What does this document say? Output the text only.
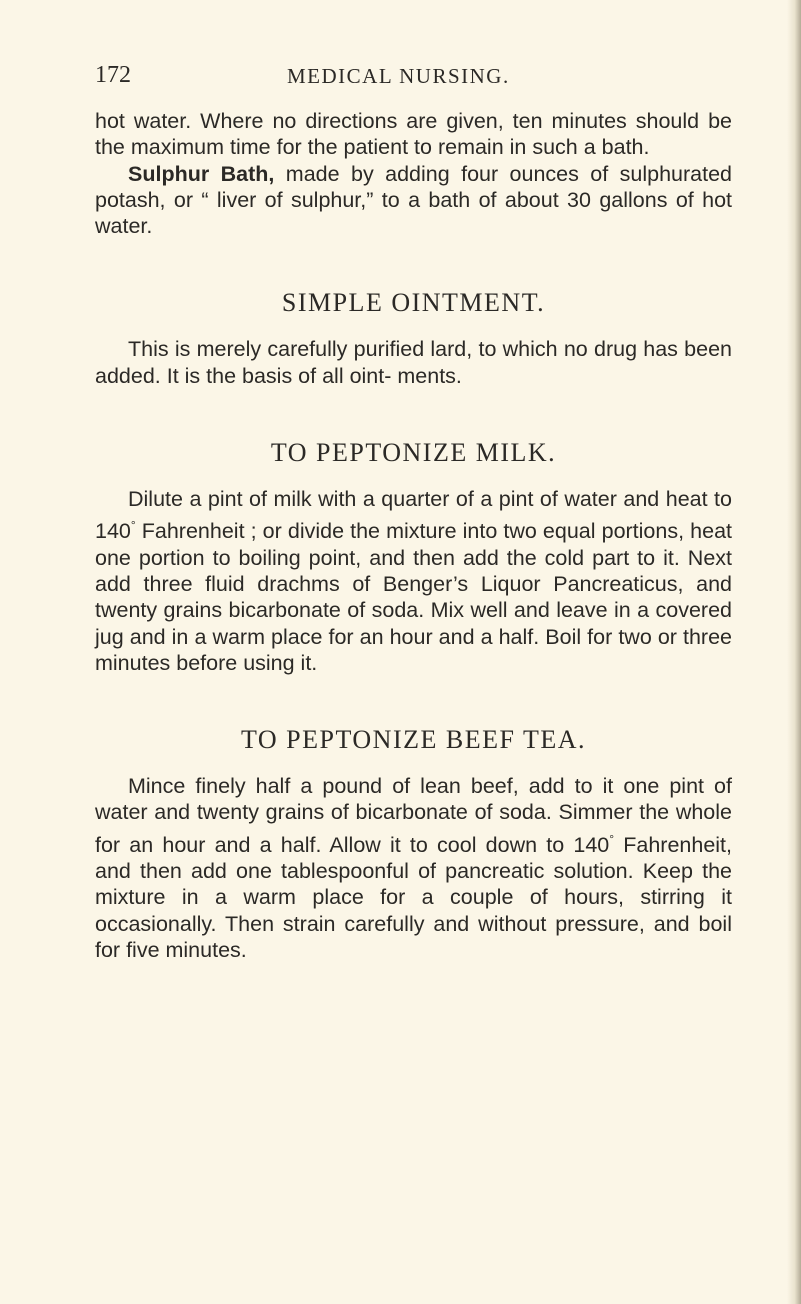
172	MEDICAL NURSING.

hot water. Where no directions are given, ten minutes should be the maximum time for the patient to remain in such a bath.

Sulphur Bath, made by adding four ounces of sulphurated potash, or “ liver of sulphur,” to a bath of about 30 gallons of hot water.

SIMPLE OINTMENT.

This is merely carefully purified lard, to which no drug has been added. It is the basis of all oint- ments.

TO PEPTONIZE MILK.

Dilute a pint of milk with a quarter of a pint of water and heat to 140° Fahrenheit ; or divide the mixture into two equal portions, heat one portion to boiling point, and then add the cold part to it. Next add three fluid drachms of Benger’s Liquor Pancreaticus, and twenty grains bicarbonate of soda. Mix well and leave in a covered jug and in a warm place for an hour and a half. Boil for two or three minutes before using it.

TO PEPTONIZE BEEF TEA.

Mince finely half a pound of lean beef, add to it one pint of water and twenty grains of bicarbonate of soda. Simmer the whole for an hour and a half. Allow it to cool down to 140° Fahrenheit, and then add one tablespoonful of pancreatic solution. Keep the mixture in a warm place for a couple of hours, stirring it occasionally. Then strain carefully and without pressure, and boil for five minutes.
